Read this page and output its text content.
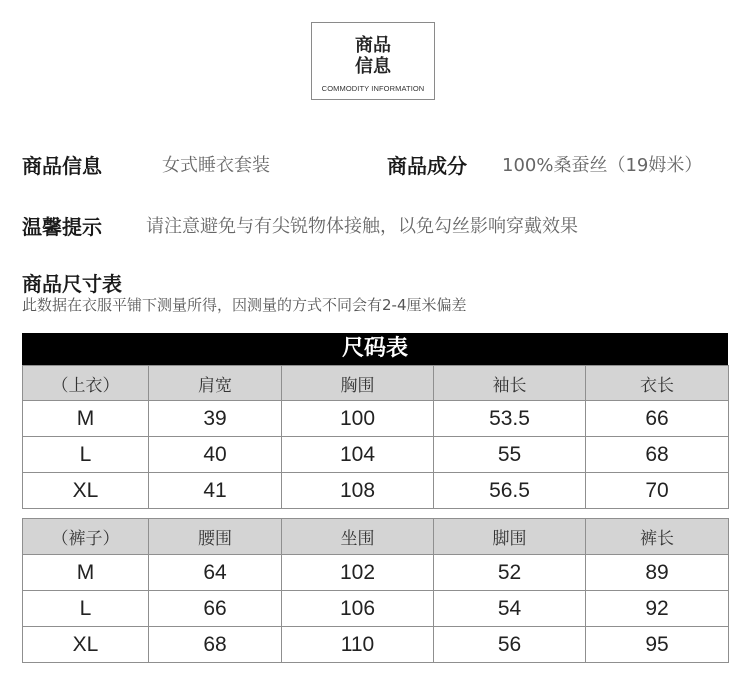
商品
信息
COMMODITY INFORMATION
商品信息	女式睡衣套装	商品成分 100%桑蚕丝（19姆米）
温馨提示 请注意避免与有尖锐物体接触，以免勾丝影响穿戴效果
商品尺寸表
此数据在衣服平铺下测量所得，因测量的方式不同会有2-4厘米偏差
尺码表
（上衣）	肩宽	胸围	袖长	衣长
M	39	100	53.5	66
L	40	104	55	68
XL	41	108	56.5	70
（裤子）	腰围	坐围	脚围	裤长
M	64	102	52	89
L	66	106	54	92
XL	68	110	56	95
